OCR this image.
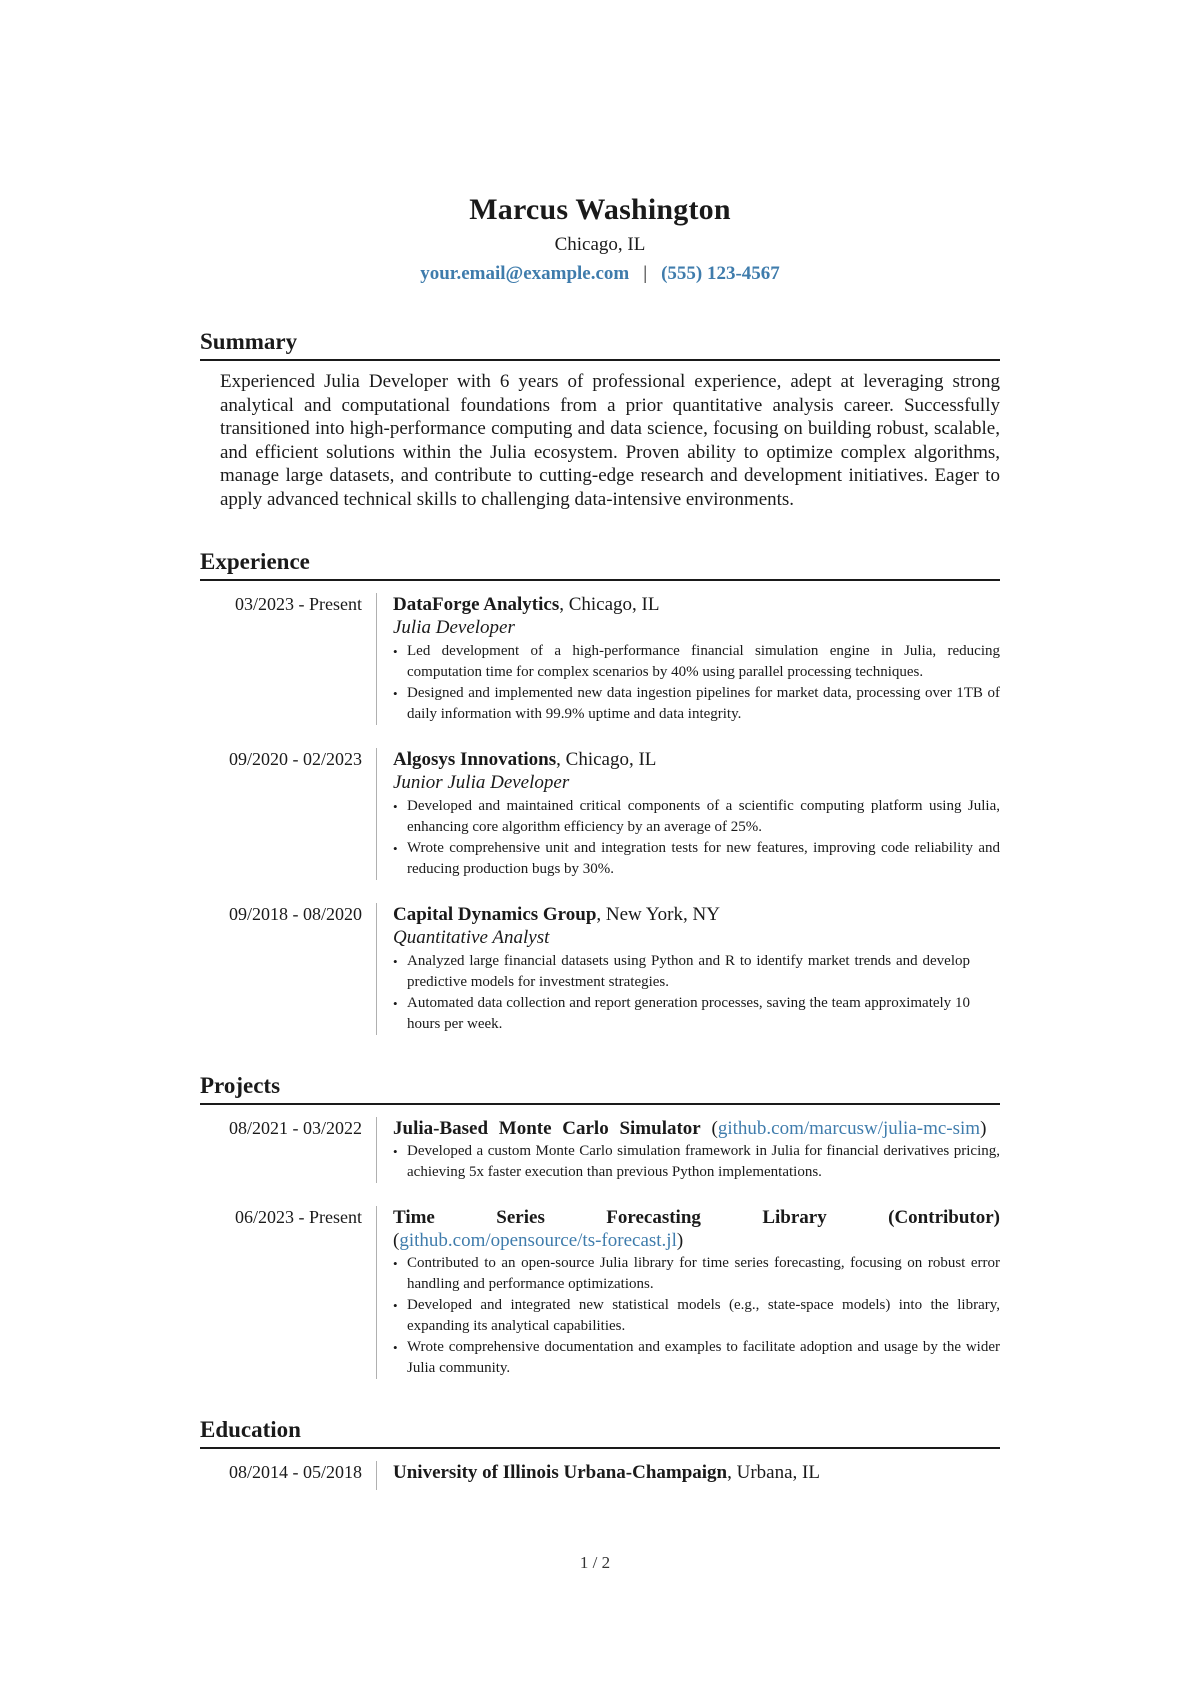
Marcus Washington
Chicago, IL
your.email@example.com | (555) 123-4567
Summary
Experienced Julia Developer with 6 years of professional experience, adept at leveraging strong analytical and computational foundations from a prior quantitative analysis career. Successfully transitioned into high-performance computing and data science, focusing on building robust, scalable, and efficient solutions within the Julia ecosystem. Proven ability to optimize complex algorithms, manage large datasets, and contribute to cutting-edge research and development initiatives. Eager to apply advanced technical skills to challenging data-intensive environments.
Experience
03/2023 - Present	DataForge Analytics, Chicago, IL
Julia Developer
• Led development of a high-performance financial simulation engine in Julia, reducing computation time for complex scenarios by 40% using parallel processing techniques.
• Designed and implemented new data ingestion pipelines for market data, processing over 1TB of daily information with 99.9% uptime and data integrity.
09/2020 - 02/2023	Algosys Innovations, Chicago, IL
Junior Julia Developer
• Developed and maintained critical components of a scientific computing platform using Julia, enhancing core algorithm efficiency by an average of 25%.
• Wrote comprehensive unit and integration tests for new features, improving code reliability and reducing production bugs by 30%.
09/2018 - 08/2020	Capital Dynamics Group, New York, NY
Quantitative Analyst
• Analyzed large financial datasets using Python and R to identify market trends and develop predictive models for investment strategies.
• Automated data collection and report generation processes, saving the team approximately 10 hours per week.
Projects
08/2021 - 03/2022	Julia-Based Monte Carlo Simulator (github.com/marcusw/julia-mc-sim)
• Developed a custom Monte Carlo simulation framework in Julia for financial derivatives pricing, achieving 5x faster execution than previous Python implementations.
06/2023 - Present	Time Series Forecasting Library (Contributor) (github.com/opensource/ts-forecast.jl)
• Contributed to an open-source Julia library for time series forecasting, focusing on robust error handling and performance optimizations.
• Developed and integrated new statistical models (e.g., state-space models) into the library, expanding its analytical capabilities.
• Wrote comprehensive documentation and examples to facilitate adoption and usage by the wider Julia community.
Education
08/2014 - 05/2018	University of Illinois Urbana-Champaign, Urbana, IL
1 / 2
